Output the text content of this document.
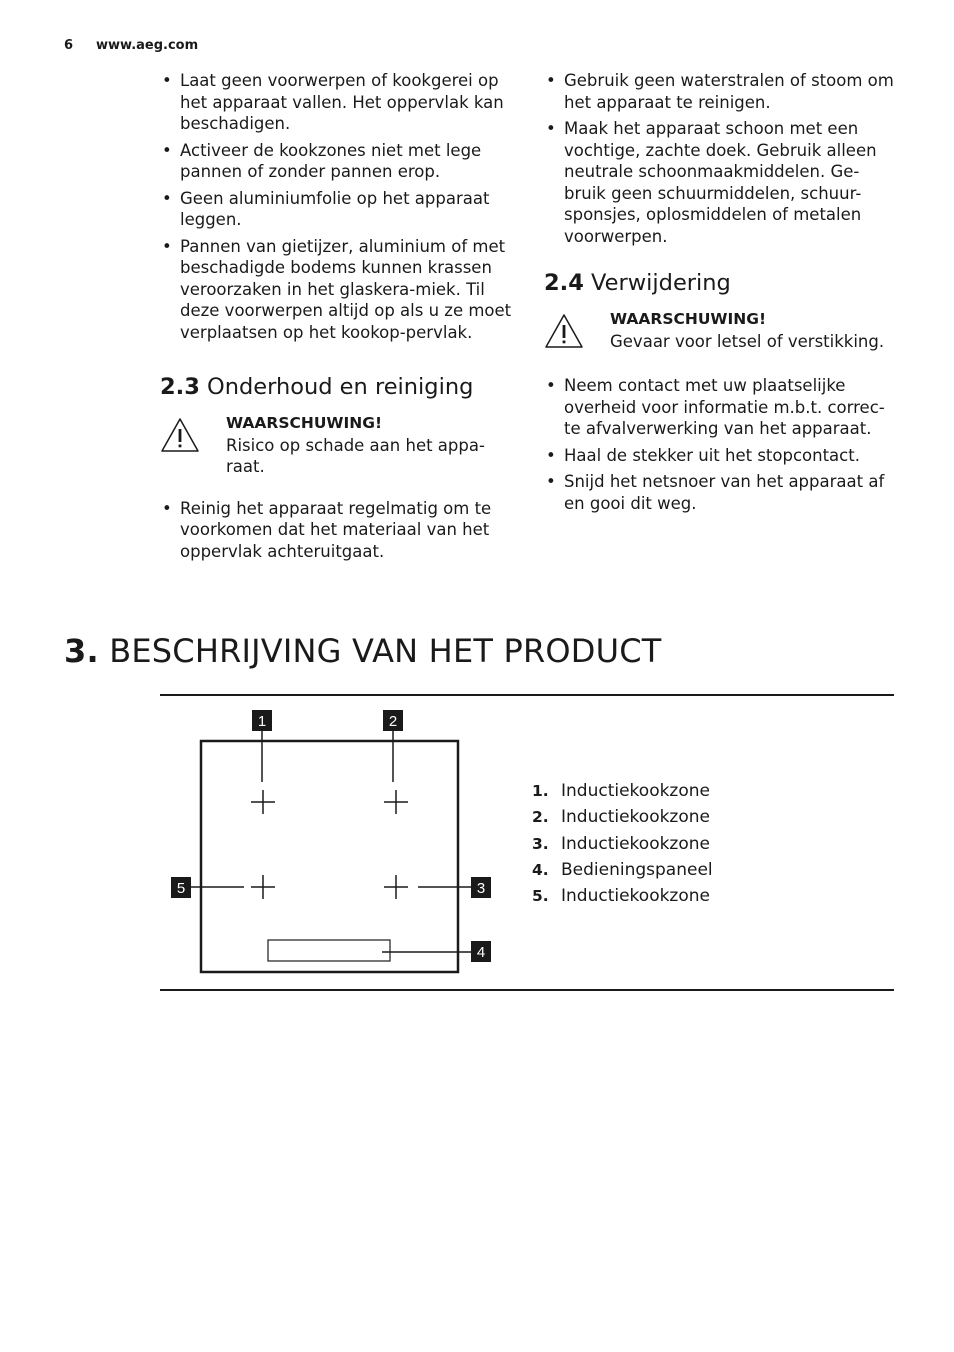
6 www.aeg.com
• Laat geen voorwerpen of kookgerei op het apparaat vallen. Het oppervlak kan beschadigen.
• Activeer de kookzones niet met lege pannen of zonder pannen erop.
• Geen aluminiumfolie op het apparaat leggen.
• Pannen van gietijzer, aluminium of met beschadigde bodems kunnen krassen veroorzaken in het glaskera-miek. Til deze voorwerpen altijd op als u ze moet verplaatsen op het kookop-pervlak.
2.3 Onderhoud en reiniging
WAARSCHUWING!
Risico op schade aan het appa-raat.
• Reinig het apparaat regelmatig om te voorkomen dat het materiaal van het oppervlak achteruitgaat.
• Gebruik geen waterstralen of stoom om het apparaat te reinigen.
• Maak het apparaat schoon met een vochtige, zachte doek. Gebruik alleen neutrale schoonmaakmiddelen. Ge-bruik geen schuurmiddelen, schuur-sponsjes, oplosmiddelen of metalen voorwerpen.
2.4 Verwijdering
WAARSCHUWING!
Gevaar voor letsel of verstikking.
• Neem contact met uw plaatselijke overheid voor informatie m.b.t. correc-te afvalverwerking van het apparaat.
• Haal de stekker uit het stopcontact.
• Snijd het netsnoer van het apparaat af en gooi dit weg.
3. BESCHRIJVING VAN HET PRODUCT
1	2
5	3
4
1. Inductiekookzone
2. Inductiekookzone
3. Inductiekookzone
4. Bedieningspaneel
5. Inductiekookzone
